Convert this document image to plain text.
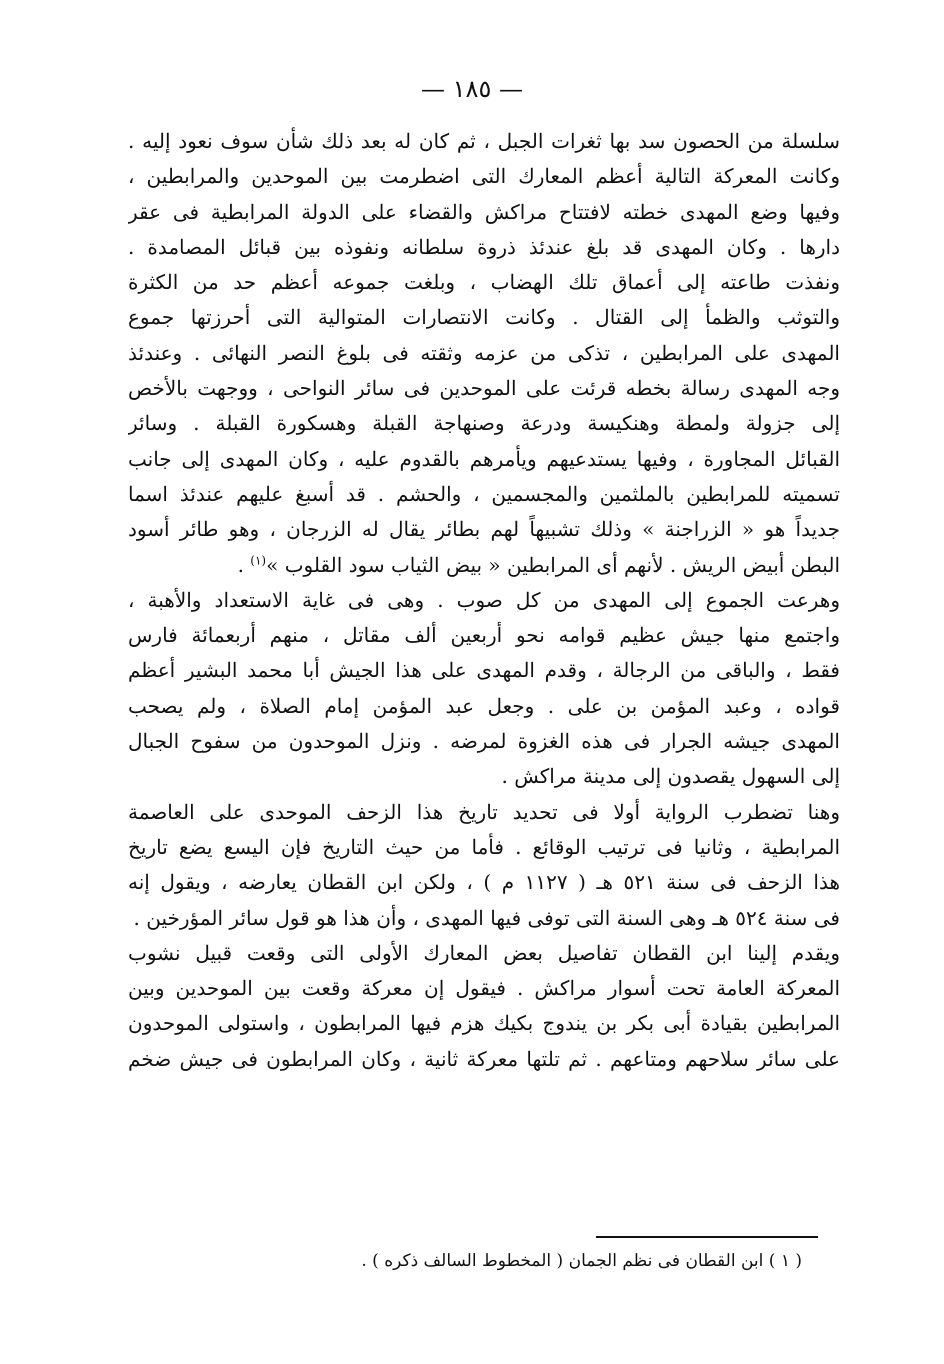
— ١٨٥ —
سلسلة من الحصون سد بها ثغرات الجبل ، ثم كان له بعد ذلك شأن سوف نعود إليه .
وكانت المعركة التالية أعظم المعارك التى اضطرمت بين الموحدين والمرابطين ،
وفيها وضع المهدى خطته لافتتاح مراكش والقضاء على الدولة المرابطية فى عقر
دارها . وكان المهدى قد بلغ عندئذ ذروة سلطانه ونفوذه بين قبائل المصامدة .
ونفذت طاعته إلى أعماق تلك الهضاب ، وبلغت جموعه أعظم حد من الكثرة
والتوثب والظمأ إلى القتال . وكانت الانتصارات المتوالية التى أحرزتها جموع
المهدى على المرابطين ، تذكى من عزمه وثقته فى بلوغ النصر النهائى . وعندئذ
وجه المهدى رسالة بخطه قرئت على الموحدين فى سائر النواحى ، ووجهت بالأخص
إلى جزولة ولمطة وهنكيسة ودرعة وصنهاجة القبلة وهسكورة القبلة . وسائر
القبائل المجاورة ، وفيها يستدعيهم ويأمرهم بالقدوم عليه ، وكان المهدى إلى جانب
تسميته للمرابطين بالملثمين والمجسمين ، والحشم . قد أسبغ عليهم عندئذ اسما
جديداً هو « الزراجنة » وذلك تشبيهاً لهم بطائر يقال له الزرجان ، وهو طائر أسود
البطن أبيض الريش . لأنهم أى المرابطين « بيض الثياب سود القلوب »$^{(١)}$ .
وهرعت الجموع إلى المهدى من كل صوب . وهى فى غاية الاستعداد والأهبة ،
واجتمع منها جيش عظيم قوامه نحو أربعين ألف مقاتل ، منهم أربعمائة فارس
فقط ، والباقى من الرجالة ، وقدم المهدى على هذا الجيش أبا محمد البشير أعظم
قواده ، وعبد المؤمن بن على . وجعل عبد المؤمن إمام الصلاة ، ولم يصحب
المهدى جيشه الجرار فى هذه الغزوة لمرضه . ونزل الموحدون من سفوح الجبال
إلى السهول يقصدون إلى مدينة مراكش .
وهنا تضطرب الرواية أولا فى تحديد تاريخ هذا الزحف الموحدى على العاصمة
المرابطية ، وثانيا فى ترتيب الوقائع . فأما من حيث التاريخ فإن اليسع يضع تاريخ
هذا الزحف فى سنة ٥٢١ هـ ( ١١٢٧ م ) ، ولكن ابن القطان يعارضه ، ويقول إنه
فى سنة ٥٢٤ هـ وهى السنة التى توفى فيها المهدى ، وأن هذا هو قول سائر المؤرخين .
ويقدم إلينا ابن القطان تفاصيل بعض المعارك الأولى التى وقعت قبيل نشوب
المعركة العامة تحت أسوار مراكش . فيقول إن معركة وقعت بين الموحدين وبين
المرابطين بقيادة أبى بكر بن يندوج بكيك هزم فيها المرابطون ، واستولى الموحدون
على سائر سلاحهم ومتاعهم . ثم تلتها معركة ثانية ، وكان المرابطون فى جيش ضخم
( ١ ) ابن القطان فى نظم الجمان ( المخطوط السالف ذكره ) .
